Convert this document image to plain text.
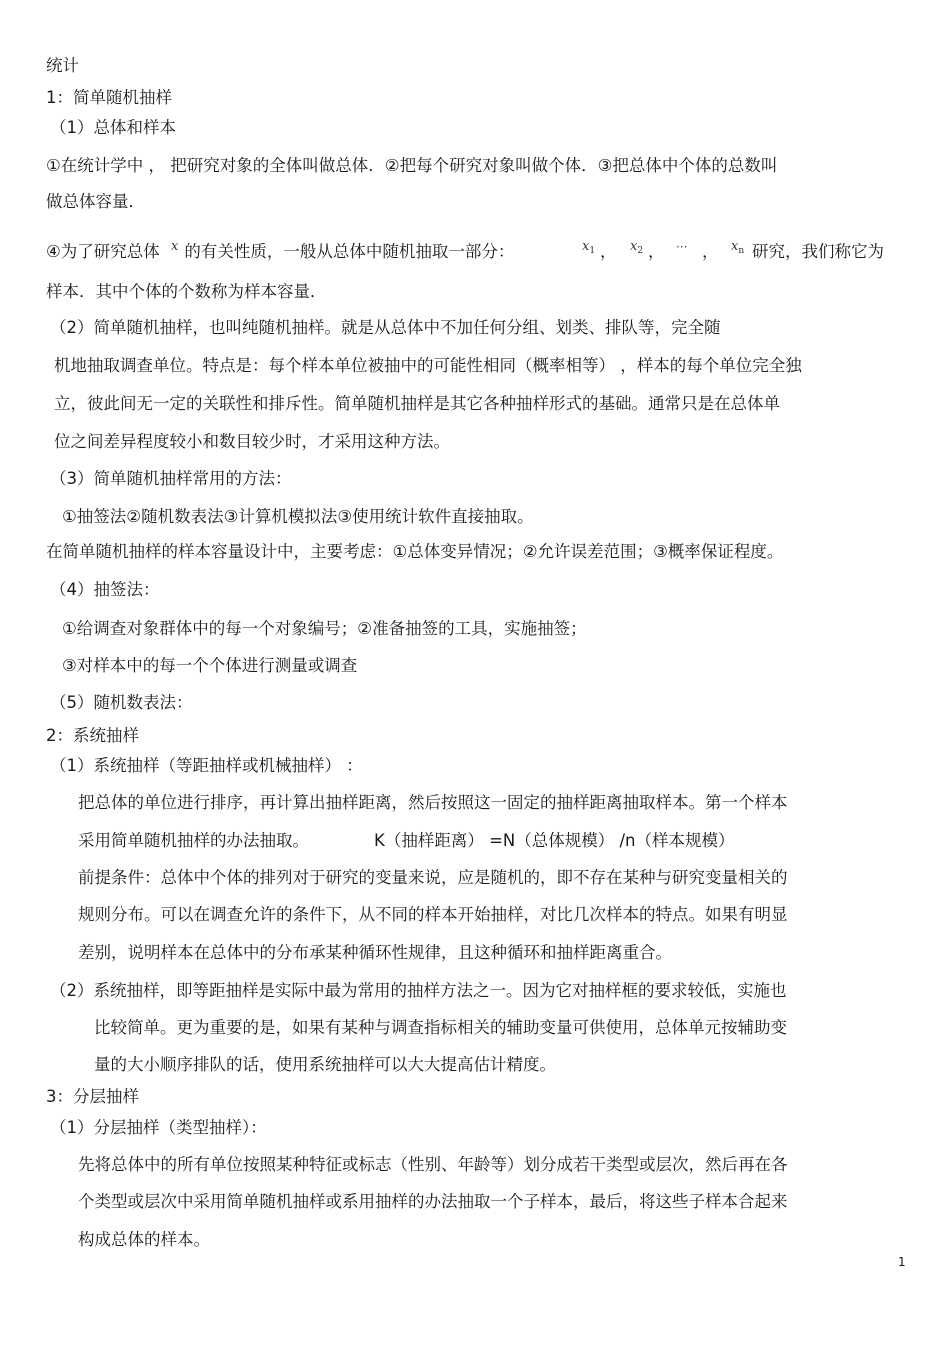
统计
1：简单随机抽样
（1）总体和样本
①在统计学中 ， 把研究对象的全体叫做总体．②把每个研究对象叫做个体．③把总体中个体的总数叫
做总体容量．
④为了研究总体 $^x$ 的有关性质，一般从总体中随机抽取一部分：	$x_1$ ， $x_2$ ， ··· ， $x_n$ 研究，我们称它为
样本．其中个体的个数称为样本容量．
（2）简单随机抽样，也叫纯随机抽样。就是从总体中不加任何分组、划类、排队等，完全随
机地抽取调查单位。特点是：每个样本单位被抽中的可能性相同（概率相等） ，样本的每个单位完全独
立，彼此间无一定的关联性和排斥性。简单随机抽样是其它各种抽样形式的基础。通常只是在总体单
位之间差异程度较小和数目较少时，才采用这种方法。
（3）简单随机抽样常用的方法：
①抽签法②随机数表法③计算机模拟法③使用统计软件直接抽取。
在简单随机抽样的样本容量设计中，主要考虑：①总体变异情况；②允许误差范围；③概率保证程度。
（4）抽签法：
①给调查对象群体中的每一个对象编号；②准备抽签的工具，实施抽签；
③对样本中的每一个个体进行测量或调查
（5）随机数表法：
2：系统抽样
（1）系统抽样（等距抽样或机械抽样） ：
把总体的单位进行排序，再计算出抽样距离，然后按照这一固定的抽样距离抽取样本。第一个样本
采用简单随机抽样的办法抽取。	K（抽样距离） =N（总体规模） /n（样本规模）
前提条件：总体中个体的排列对于研究的变量来说，应是随机的，即不存在某种与研究变量相关的
规则分布。可以在调查允许的条件下，从不同的样本开始抽样，对比几次样本的特点。如果有明显
差别，说明样本在总体中的分布承某种循环性规律，且这种循环和抽样距离重合。
（2）系统抽样，即等距抽样是实际中最为常用的抽样方法之一。因为它对抽样框的要求较低，实施也
比较简单。更为重要的是，如果有某种与调查指标相关的辅助变量可供使用，总体单元按辅助变
量的大小顺序排队的话，使用系统抽样可以大大提高估计精度。
3：分层抽样
（1）分层抽样（类型抽样）：
先将总体中的所有单位按照某种特征或标志（性别、年龄等）划分成若干类型或层次，然后再在各
个类型或层次中采用简单随机抽样或系用抽样的办法抽取一个子样本，最后，将这些子样本合起来
构成总体的样本。
1
